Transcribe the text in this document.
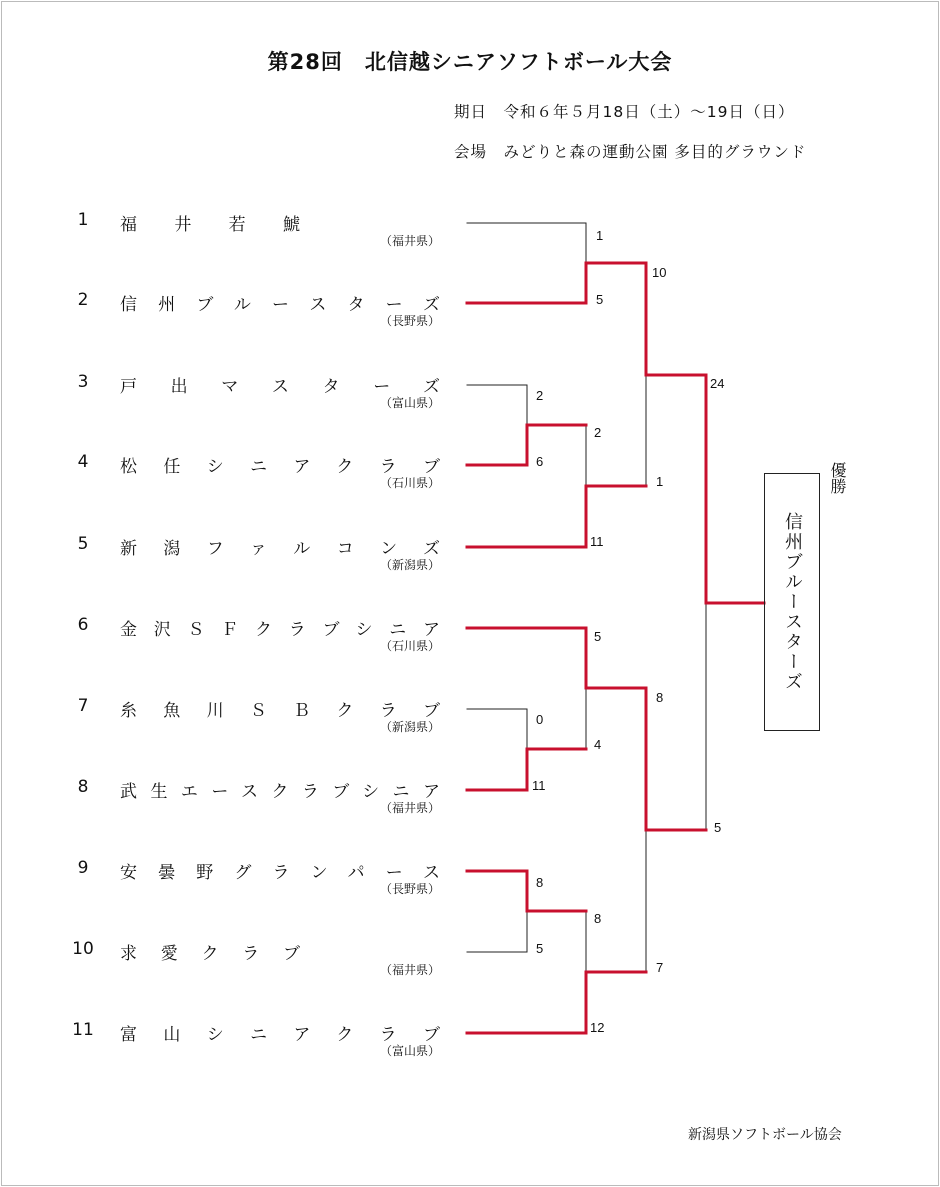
第28回　北信越シニアソフトボール大会
期日　令和６年５月18日（土）～19日（日）
会場　みどりと森の運動公園 多目的グラウンド
1	福井若鯱
（福井県）
2	信州ブルースターズ
（長野県）
3	戸出マスターズ
（富山県）
4	松任シニアクラブ
（石川県）
5	新潟ファルコンズ
（新潟県）
6	金沢ＳＦクラブシニア
（石川県）
7	糸魚川ＳＢクラブ
（新潟県）
8	武生エースクラブシニア
（福井県）
9	安曇野グランパース
（長野県）
10 求愛クラブ
（福井県）
11 富山シニアクラブ
（富山県）
1
5
10
2
6
2
11
1
24
5
8
0
4
11
5
8
5
8
12
7
信州ブルースターズ
優勝
新潟県ソフトボール協会
